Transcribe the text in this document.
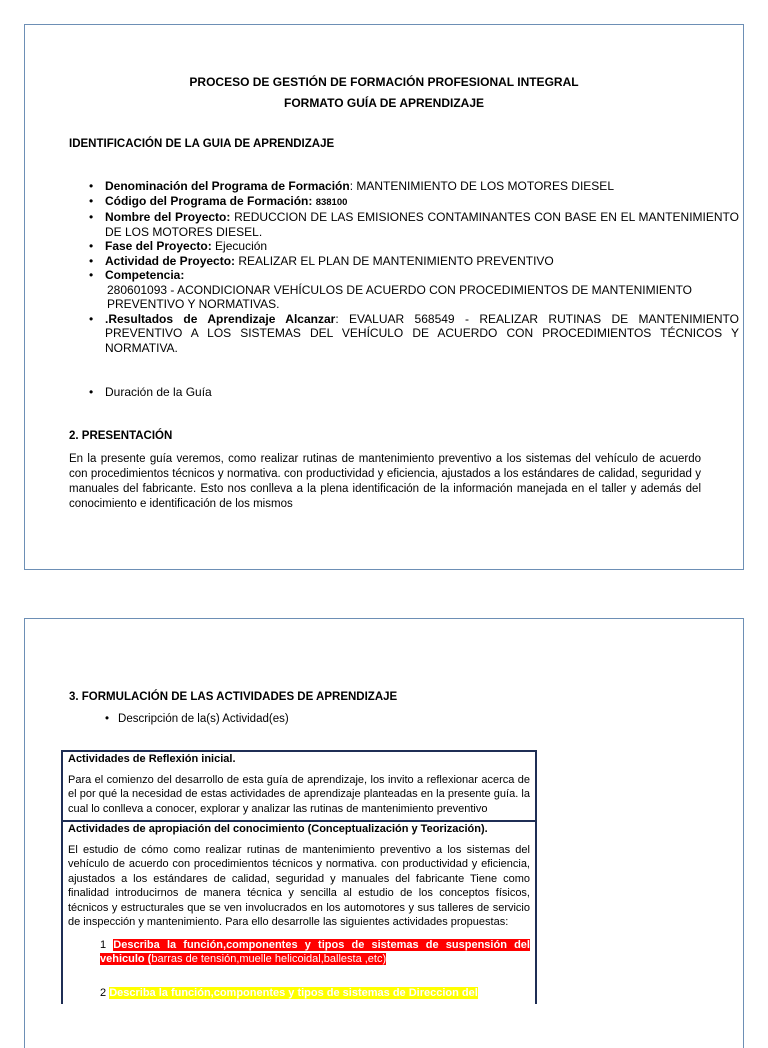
PROCESO DE GESTIÓN DE FORMACIÓN PROFESIONAL INTEGRAL
FORMATO GUÍA DE APRENDIZAJE
IDENTIFICACIÓN DE LA GUIA DE APRENDIZAJE
• Denominación del Programa de Formación: MANTENIMIENTO DE LOS MOTORES DIESEL
• Código del Programa de Formación: 838100
• Nombre del Proyecto: REDUCCION DE LAS EMISIONES CONTAMINANTES CON BASE EN EL MANTENIMIENTO DE LOS MOTORES DIESEL.
• Fase del Proyecto: Ejecución
• Actividad de Proyecto: REALIZAR EL PLAN DE MANTENIMIENTO PREVENTIVO
• Competencia:
280601093 - ACONDICIONAR VEHÍCULOS DE ACUERDO CON PROCEDIMIENTOS DE MANTENIMIENTO PREVENTIVO Y NORMATIVAS.
• .Resultados de Aprendizaje Alcanzar: EVALUAR 568549 - REALIZAR RUTINAS DE MANTENIMIENTO PREVENTIVO A LOS SISTEMAS DEL VEHÍCULO DE ACUERDO CON PROCEDIMIENTOS TÉCNICOS Y NORMATIVA.
• Duración de la Guía
2. PRESENTACIÓN
En la presente guía veremos, como realizar rutinas de mantenimiento preventivo a los sistemas del vehículo de acuerdo con procedimientos técnicos y normativa. con productividad y eficiencia, ajustados a los estándares de calidad, seguridad y manuales del fabricante. Esto nos conlleva a la plena identificación de la información manejada en el taller y además del conocimiento e identificación de los mismos
3. FORMULACIÓN DE LAS ACTIVIDADES DE APRENDIZAJE
• Descripción de la(s) Actividad(es)
Actividades de Reflexión inicial.

Para el comienzo del desarrollo de esta guía de aprendizaje, los invito a reflexionar acerca de el por qué la necesidad de estas actividades de aprendizaje planteadas en la presente guía. la cual lo conlleva a conocer, explorar y analizar las rutinas de mantenimiento preventivo

Actividades de apropiación del conocimiento (Conceptualización y Teorización).

El estudio de cómo como realizar rutinas de mantenimiento preventivo a los sistemas del vehículo de acuerdo con procedimientos técnicos y normativa. con productividad y eficiencia, ajustados a los estándares de calidad, seguridad y manuales del fabricante Tiene como finalidad introducirnos de manera técnica y sencilla al estudio de los conceptos físicos, técnicos y estructurales que se ven involucrados en los automotores y sus talleres de servicio de inspección y mantenimiento. Para ello desarrolle las siguientes actividades propuestas:

1 Describa la función,componentes y tipos de sistemas de suspensión del vehiculo (barras de tensión,muelle helicoidal,ballesta ,etc)
2 Describa la función,componentes y tipos de sistemas de Direccion del
